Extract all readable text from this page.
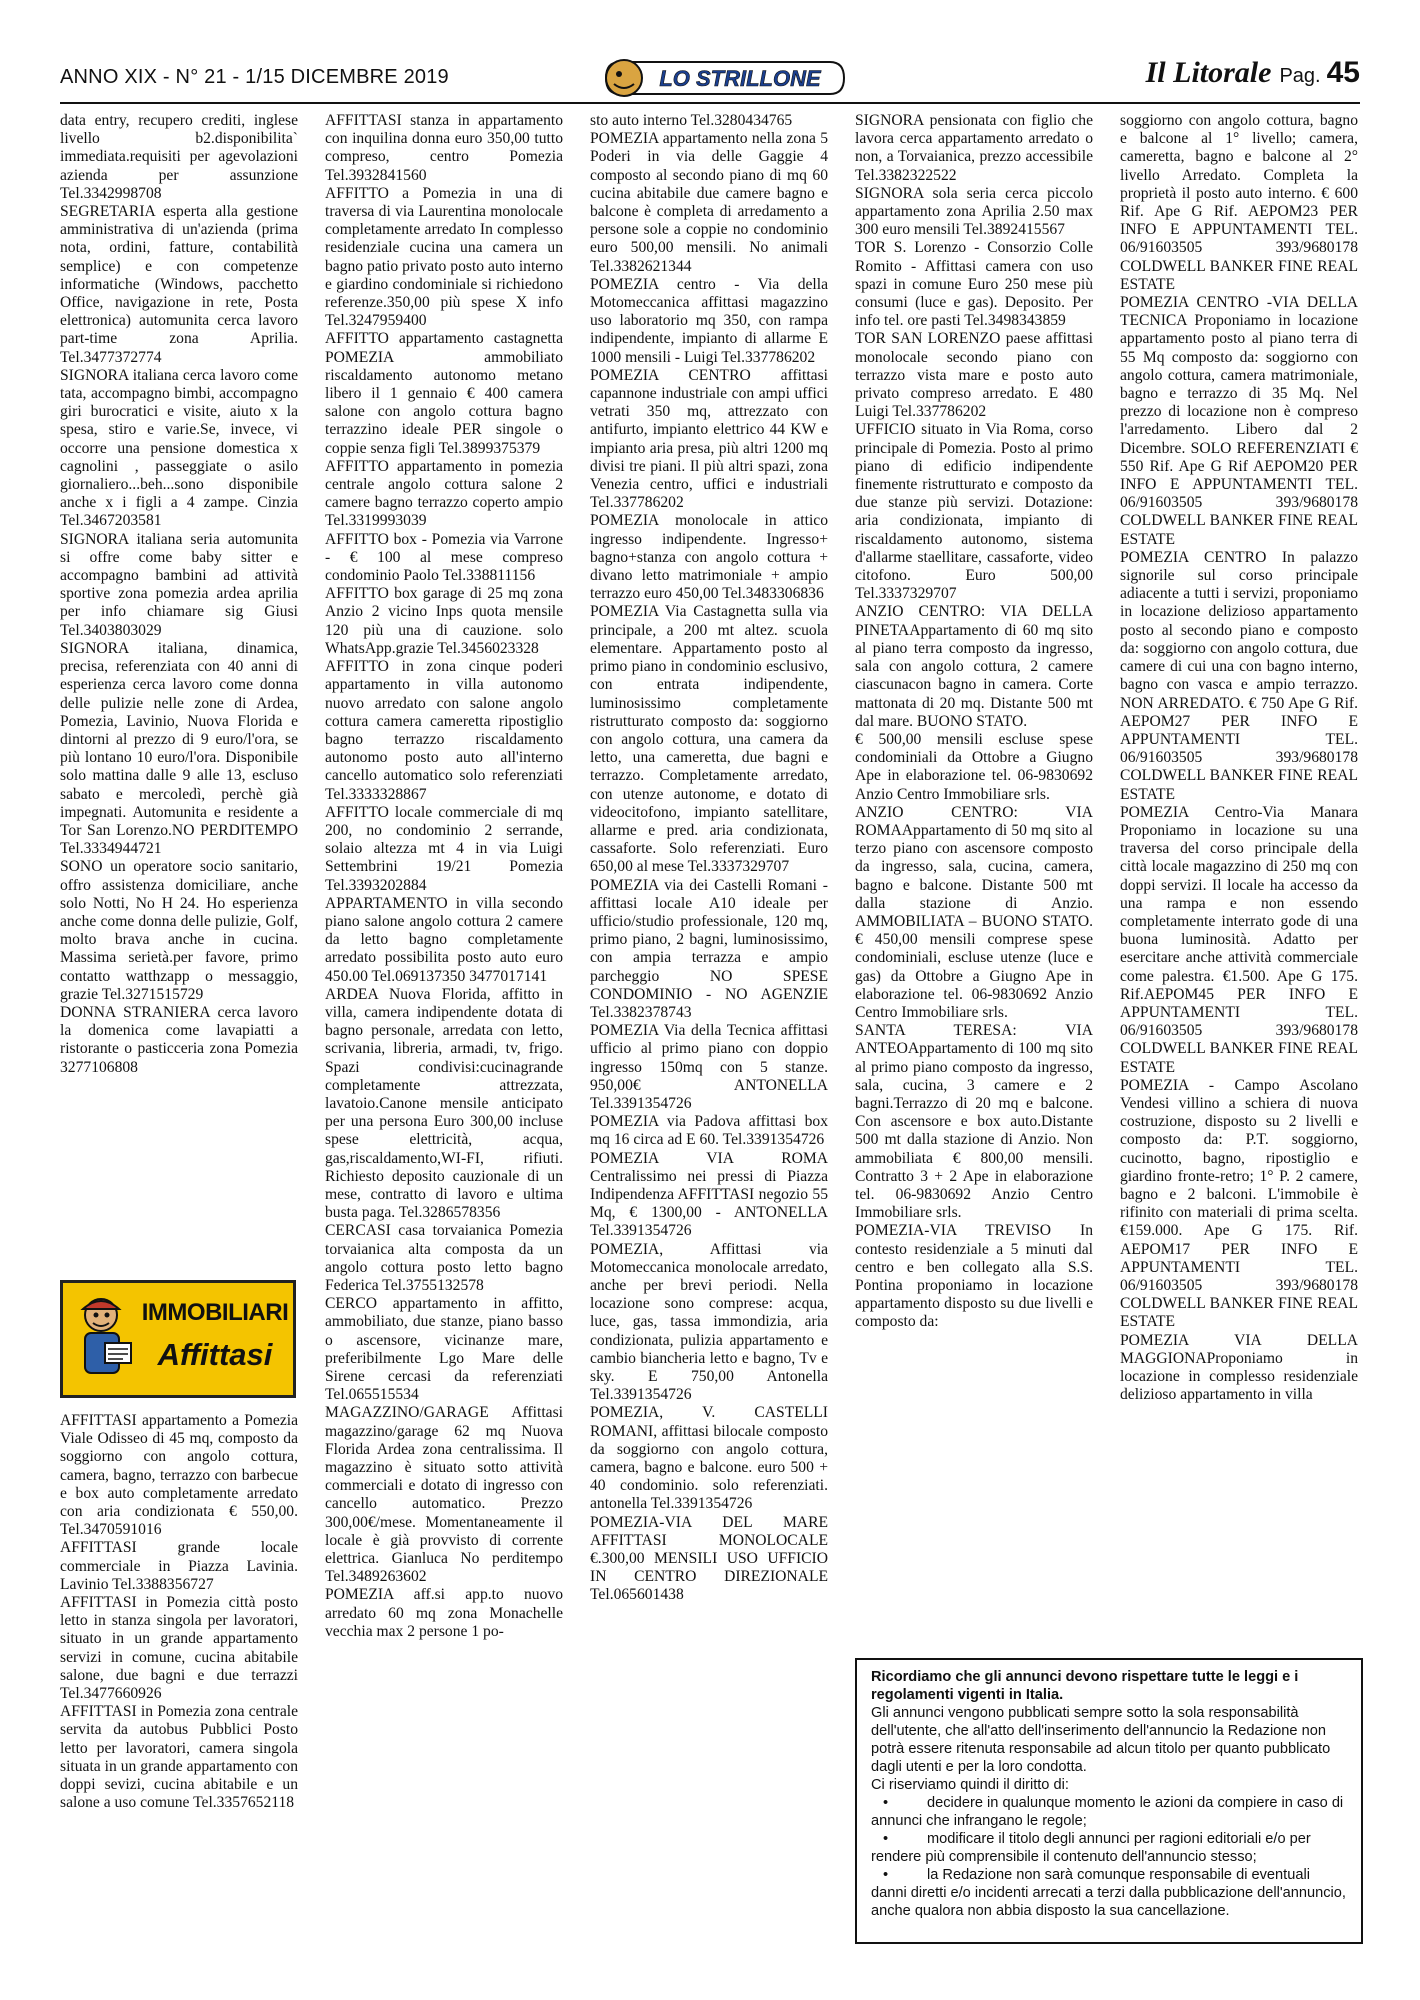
ANNO XIX - N° 21 - 1/15 DICEMBRE 2019	LO STRILLONE	Il Litorale Pag. 45

data entry, recupero crediti, inglese livello b2.disponibilita` immediata.requisiti per agevolazioni azienda per assunzione Tel.3342998708

SEGRETARIA esperta alla gestione amministrativa di un'azienda (prima nota, ordini, fatture, contabilità semplice) e con competenze informatiche (Windows, pacchetto Office, navigazione in rete, Posta elettronica) automunita cerca lavoro part-time zona Aprilia. Tel.3477372774

SIGNORA italiana cerca lavoro come tata, accompagno bimbi, accompagno giri burocratici e visite, aiuto x la spesa, stiro e varie.Se, invece, vi occorre una pensione domestica x cagnolini , passeggiate o asilo giornaliero...beh...sono disponibile anche x i figli a 4 zampe. Cinzia Tel.3467203581

SIGNORA italiana seria automunita si offre come baby sitter e accompagno bambini ad attività sportive zona pomezia ardea aprilia per info chiamare sig Giusi Tel.3403803029

SIGNORA italiana, dinamica, precisa, referenziata con 40 anni di esperienza cerca lavoro come donna delle pulizie nelle zone di Ardea, Pomezia, Lavinio, Nuova Florida e dintorni al prezzo di 9 euro/l'ora, se più lontano 10 euro/l'ora. Disponibile solo mattina dalle 9 alle 13, escluso sabato e mercoledì, perchè già impegnati. Automunita e residente a Tor San Lorenzo.NO PERDITEMPO Tel.3334944721

SONO un operatore socio sanitario, offro assistenza domiciliare, anche solo Notti, No H 24. Ho esperienza anche come donna delle pulizie, Golf, molto brava anche in cucina. Massima serietà.per favore, primo contatto watthzapp o messaggio, grazie Tel.3271515729

DONNA STRANIERA cerca lavoro la domenica come lavapiatti a ristorante o pasticceria zona Pomezia 3277106808

IMMOBILIARI
Affittasi

AFFITTASI appartamento a Pomezia Viale Odisseo di 45 mq, composto da soggiorno con angolo cottura, camera, bagno, terrazzo con barbecue e box auto completamente arredato con aria condizionata € 550,00. Tel.3470591016

AFFITTASI grande locale commerciale in Piazza Lavinia. Lavinio Tel.3388356727

AFFITTASI in Pomezia città posto letto in stanza singola per lavoratori, situato in un grande appartamento servizi in comune, cucina abitabile salone, due bagni e due terrazzi Tel.3477660926

AFFITTASI in Pomezia zona centrale servita da autobus Pubblici Posto letto per lavoratori, camera singola situata in un grande appartamento con doppi sevizi, cucina abitabile e un salone a uso comune Tel.3357652118

AFFITTASI stanza in appartamento con inquilina donna euro 350,00 tutto compreso, centro Pomezia Tel.3932841560

AFFITTO a Pomezia in una di traversa di via Laurentina monolocale completamente arredato In complesso residenziale cucina una camera un bagno patio privato posto auto interno e giardino condominiale si richiedono referenze.350,00 più spese X info Tel.3247959400

AFFITTO appartamento castagnetta POMEZIA ammobiliato riscaldamento autonomo metano libero il 1 gennaio € 400 camera salone con angolo cottura bagno terrazzino ideale PER singole o coppie senza figli Tel.3899375379

AFFITTO appartamento in pomezia centrale angolo cottura salone 2 camere bagno terrazzo coperto ampio Tel.3319993039

AFFITTO box - Pomezia via Varrone - € 100 al mese compreso condominio Paolo Tel.338811156

AFFITTO box garage di 25 mq zona Anzio 2 vicino Inps quota mensile 120 più una di cauzione. solo WhatsApp.grazie Tel.3456023328

AFFITTO in zona cinque poderi appartamento in villa autonomo nuovo arredato con salone angolo cottura camera cameretta ripostiglio bagno terrazzo riscaldamento autonomo posto auto all'interno cancello automatico solo referenziati Tel.3333328867

AFFITTO locale commerciale di mq 200, no condominio 2 serrande, solaio altezza mt 4 in via Luigi Settembrini 19/21 Pomezia Tel.3393202884

APPARTAMENTO in villa secondo piano salone angolo cottura 2 camere da letto bagno completamente arredato possibilita posto auto euro 450.00 Tel.069137350 3477017141

ARDEA Nuova Florida, affitto in villa, camera indipendente dotata di bagno personale, arredata con letto, scrivania, libreria, armadi, tv, frigo. Spazi condivisi:cucinagrande completamente attrezzata, lavatoio.Canone mensile anticipato per una persona Euro 300,00 incluse spese elettricità, acqua, gas,riscaldamento,WI-FI, rifiuti. Richiesto deposito cauzionale di un mese, contratto di lavoro e ultima busta paga. Tel.3286578356

CERCASI casa torvaianica Pomezia torvaianica alta composta da un angolo cottura posto letto bagno Federica Tel.3755132578

CERCO appartamento in affitto, ammobiliato, due stanze, piano basso o ascensore, vicinanze mare, preferibilmente Lgo Mare delle Sirene cercasi da referenziati Tel.065515534

MAGAZZINO/GARAGE Affittasi magazzino/garage 62 mq Nuova Florida Ardea zona centralissima. Il magazzino è situato sotto attività commerciali e dotato di ingresso con cancello automatico. Prezzo 300,00€/mese. Momentaneamente il locale è già provvisto di corrente elettrica. Gianluca No perditempo Tel.3489263602

POMEZIA aff.si app.to nuovo arredato 60 mq zona Monachelle vecchia max 2 persone 1 po-

sto auto interno Tel.3280434765

POMEZIA appartamento nella zona 5 Poderi in via delle Gaggie 4 composto al secondo piano di mq 60 cucina abitabile due camere bagno e balcone è completa di arredamento a persone sole a coppie no condominio euro 500,00 mensili. No animali Tel.3382621344

POMEZIA centro - Via della Motomeccanica affittasi magazzino uso laboratorio mq 350, con rampa indipendente, impianto di allarme E 1000 mensili - Luigi Tel.337786202

POMEZIA CENTRO affittasi capannone industriale con ampi uffici vetrati 350 mq, attrezzato con antifurto, impianto elettrico 44 KW e impianto aria presa, più altri 1200 mq divisi tre piani. Il più altri spazi, zona Venezia centro, uffici e industriali Tel.337786202

POMEZIA monolocale in attico ingresso indipendente. Ingresso+ bagno+stanza con angolo cottura + divano letto matrimoniale + ampio terrazzo euro 450,00 Tel.3483306836

POMEZIA Via Castagnetta sulla via principale, a 200 mt altez. scuola elementare. Appartamento posto al primo piano in condominio esclusivo, con entrata indipendente, luminosissimo completamente ristrutturato composto da: soggiorno con angolo cottura, una camera da letto, una cameretta, due bagni e terrazzo. Completamente arredato, con utenze autonome, e dotato di videocitofono, impianto satellitare, allarme e pred. aria condizionata, cassaforte. Solo referenziati. Euro 650,00 al mese Tel.3337329707

POMEZIA via dei Castelli Romani - affittasi locale A10 ideale per ufficio/studio professionale, 120 mq, primo piano, 2 bagni, luminosissimo, con ampia terrazza e ampio parcheggio NO SPESE CONDOMINIO - NO AGENZIE Tel.3382378743

POMEZIA Via della Tecnica affittasi ufficio al primo piano con doppio ingresso 150mq con 5 stanze. 950,00€ ANTONELLA Tel.3391354726

POMEZIA via Padova affittasi box mq 16 circa ad E 60. Tel.3391354726

POMEZIA VIA ROMA Centralissimo nei pressi di Piazza Indipendenza AFFITTASI negozio 55 Mq, € 1300,00 - ANTONELLA Tel.3391354726

POMEZIA, Affittasi via Motomeccanica monolocale arredato, anche per brevi periodi. Nella locazione sono comprese: acqua, luce, gas, tassa immondizia, aria condizionata, pulizia appartamento e cambio biancheria letto e bagno, Tv e sky. E 750,00 Antonella Tel.3391354726

POMEZIA, V. CASTELLI ROMANI, affittasi bilocale composto da soggiorno con angolo cottura, camera, bagno e balcone. euro 500 + 40 condominio. solo referenziati. antonella Tel.3391354726

POMEZIA-VIA DEL MARE AFFITTASI MONOLOCALE €.300,00 MENSILI USO UFFICIO IN CENTRO DIREZIONALE Tel.065601438

SIGNORA pensionata con figlio che lavora cerca appartamento arredato o non, a Torvaianica, prezzo accessibile Tel.3382322522

SIGNORA sola seria cerca piccolo appartamento zona Aprilia 2.50 max 300 euro mensili Tel.3892415567

TOR S. Lorenzo - Consorzio Colle Romito - Affittasi camera con uso spazi in comune Euro 250 mese più consumi (luce e gas). Deposito. Per info tel. ore pasti Tel.3498343859

TOR SAN LORENZO paese affittasi monolocale secondo piano con terrazzo vista mare e posto auto privato compreso arredato. E 480 Luigi Tel.337786202

UFFICIO situato in Via Roma, corso principale di Pomezia. Posto al primo piano di edificio indipendente finemente ristrutturato e composto da due stanze più servizi. Dotazione: aria condizionata, impianto di riscaldamento autonomo, sistema d'allarme staellitare, cassaforte, video citofono. Euro 500,00 Tel.3337329707

ANZIO CENTRO: VIA DELLA PINETAAppartamento di 60 mq sito al piano terra composto da ingresso, sala con angolo cottura, 2 camere ciascunacon bagno in camera. Corte mattonata di 20 mq. Distante 500 mt dal mare. BUONO STATO.

€ 500,00 mensili escluse spese condominiali da Ottobre a Giugno Ape in elaborazione tel. 06-9830692 Anzio Centro Immobiliare srls.

ANZIO CENTRO: VIA ROMAAppartamento di 50 mq sito al terzo piano con ascensore composto da ingresso, sala, cucina, camera, bagno e balcone. Distante 500 mt dalla stazione di Anzio. AMMOBILIATA – BUONO STATO. € 450,00 mensili comprese spese condominiali, escluse utenze (luce e gas) da Ottobre a Giugno Ape in elaborazione tel. 06-9830692 Anzio Centro Immobiliare srls.

SANTA TERESA: VIA ANTEOAppartamento di 100 mq sito al primo piano composto da ingresso, sala, cucina, 3 camere e 2 bagni.Terrazzo di 20 mq e balcone. Con ascensore e box auto.Distante 500 mt dalla stazione di Anzio. Non ammobiliata € 800,00 mensili. Contratto 3 + 2 Ape in elaborazione tel. 06-9830692 Anzio Centro Immobiliare srls.

POMEZIA-VIA TREVISO In contesto residenziale a 5 minuti dal centro e ben collegato alla S.S. Pontina proponiamo in locazione appartamento disposto su due livelli e composto da:

soggiorno con angolo cottura, bagno e balcone al 1° livello; camera, cameretta, bagno e balcone al 2° livello Arredato. Completa la proprietà il posto auto interno. € 600 Rif. Ape G Rif. AEPOM23 PER INFO E APPUNTAMENTI TEL. 06/91603505 393/9680178 COLDWELL BANKER FINE REAL ESTATE

POMEZIA CENTRO -VIA DELLA TECNICA Proponiamo in locazione appartamento posto al piano terra di 55 Mq composto da: soggiorno con angolo cottura, camera matrimoniale, bagno e terrazzo di 35 Mq. Nel prezzo di locazione non è compreso l'arredamento. Libero dal 2 Dicembre. SOLO REFERENZIATI € 550 Rif. Ape G Rif AEPOM20 PER INFO E APPUNTAMENTI TEL. 06/91603505 393/9680178 COLDWELL BANKER FINE REAL ESTATE

POMEZIA CENTRO In palazzo signorile sul corso principale adiacente a tutti i servizi, proponiamo in locazione delizioso appartamento posto al secondo piano e composto da: soggiorno con angolo cottura, due camere di cui una con bagno interno, bagno con vasca e ampio terrazzo. NON ARREDATO. € 750 Ape G Rif. AEPOM27 PER INFO E APPUNTAMENTI TEL. 06/91603505 393/9680178 COLDWELL BANKER FINE REAL ESTATE

POMEZIA Centro-Via Manara Proponiamo in locazione su una traversa del corso principale della città locale magazzino di 250 mq con doppi servizi. Il locale ha accesso da una rampa e non essendo completamente interrato gode di una buona luminosità. Adatto per esercitare anche attività commerciale come palestra. €1.500. Ape G 175. Rif.AEPOM45 PER INFO E APPUNTAMENTI TEL. 06/91603505 393/9680178 COLDWELL BANKER FINE REAL ESTATE

POMEZIA - Campo Ascolano Vendesi villino a schiera di nuova costruzione, disposto su 2 livelli e composto da: P.T. soggiorno, cucinotto, bagno, ripostiglio e giardino fronte-retro; 1° P. 2 camere, bagno e 2 balconi. L'immobile è rifinito con materiali di prima scelta. €159.000. Ape G 175. Rif. AEPOM17 PER INFO E APPUNTAMENTI TEL. 06/91603505 393/9680178 COLDWELL BANKER FINE REAL ESTATE

POMEZIA VIA DELLA MAGGIONAProponiamo in locazione in complesso residenziale delizioso appartamento in villa

Ricordiamo che gli annunci devono rispettare tutte le leggi e i regolamenti vigenti in Italia.

Gli annunci vengono pubblicati sempre sotto la sola responsabilità dell'utente, che all'atto dell'inserimento dell'annuncio la Redazione non potrà essere ritenuta responsabile ad alcun titolo per quanto pubblicato dagli utenti e per la loro condotta.

Ci riserviamo quindi il diritto di:

• decidere in qualunque momento le azioni da compiere in caso di annunci che infrangano le regole;
• modificare il titolo degli annunci per ragioni editoriali e/o per rendere più comprensibile il contenuto dell'annuncio stesso;
• la Redazione non sarà comunque responsabile di eventuali danni diretti e/o incidenti arrecati a terzi dalla pubblicazione dell'annuncio, anche qualora non abbia disposto la sua cancellazione.
